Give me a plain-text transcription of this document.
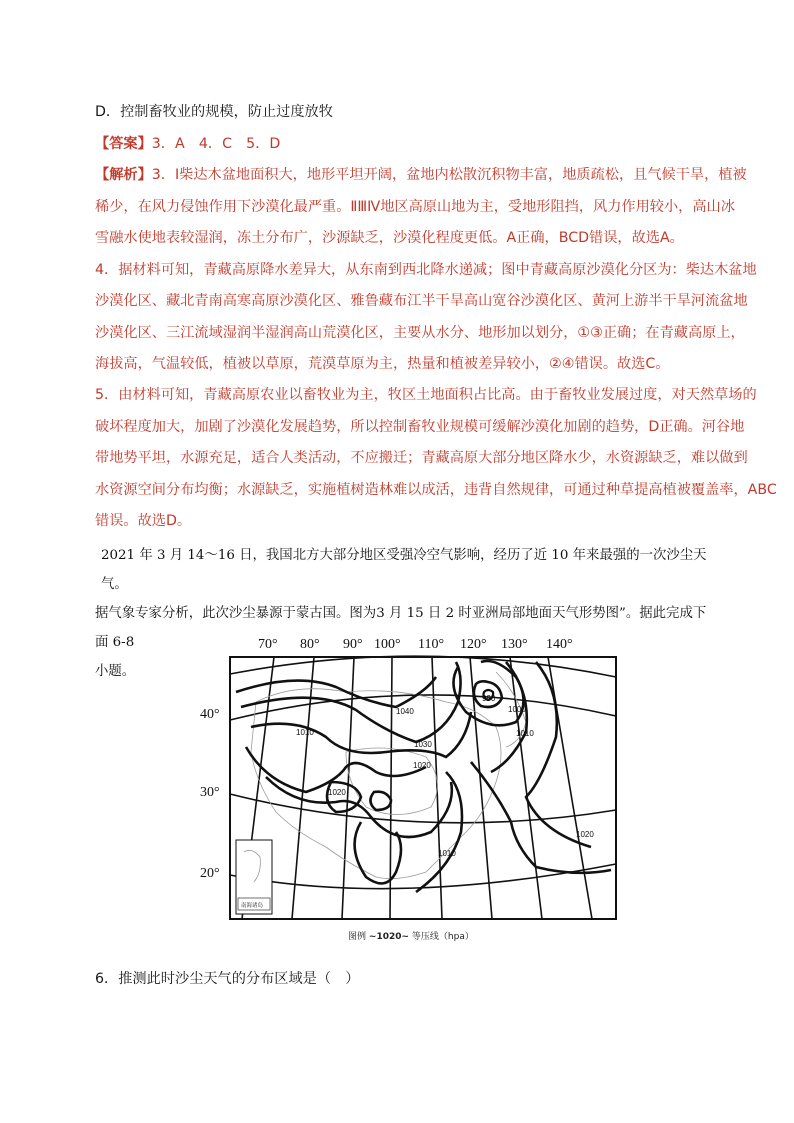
D．控制畜牧业的规模，防止过度放牧
【答案】3．A　4．C　5．D
【解析】3．Ⅰ柴达木盆地面积大，地形平坦开阔，盆地内松散沉积物丰富，地质疏松，且气候干旱，植被
稀少，在风力侵蚀作用下沙漠化最严重。ⅡⅢⅣ地区高原山地为主，受地形阻挡，风力作用较小，高山冰
雪融水使地表较湿润，冻土分布广，沙源缺乏，沙漠化程度更低。A正确，BCD错误，故选A。
4．据材料可知，青藏高原降水差异大，从东南到西北降水递减；图中青藏高原沙漠化分区为：柴达木盆地
沙漠化区、藏北青南高寒高原沙漠化区、雅鲁藏布江半干旱高山宽谷沙漠化区、黄河上游半干旱河流盆地
沙漠化区、三江流域湿润半湿润高山荒漠化区，主要从水分、地形加以划分，①③正确；在青藏高原上，
海拔高，气温较低，植被以草原，荒漠草原为主，热量和植被差异较小，②④错误。故选C。
5．由材料可知，青藏高原农业以畜牧业为主，牧区土地面积占比高。由于畜牧业发展过度，对天然草场的
破坏程度加大，加剧了沙漠化发展趋势，所以控制畜牧业规模可缓解沙漠化加剧的趋势，D正确。河谷地
带地势平坦，水源充足，适合人类活动，不应搬迁；青藏高原大部分地区降水少，水资源缺乏，难以做到
水资源空间分布均衡；水源缺乏，实施植树造林难以成活，违背自然规律，可通过种草提高植被覆盖率，ABC
错误。故选D。
2021 年 3 月 14～16 日，我国北方大部分地区受强冷空气影响，经历了近 10 年来最强的一次沙尘天气。
据气象专家分析，此次沙尘暴源于蒙古国。图为3 月 15 日 2 时亚洲局部地面天气形势图”。据此完成下面 6-8
小题。
70° 80° 90° 100° 110° 120° 130° 140°
40°
30°
20°
1040
1010
1030
1020
1020
1010
990
1000
1010
1020
南海诸岛
图例 ~1020~ 等压线（hpa）
6．推测此时沙尘天气的分布区域是（　）
